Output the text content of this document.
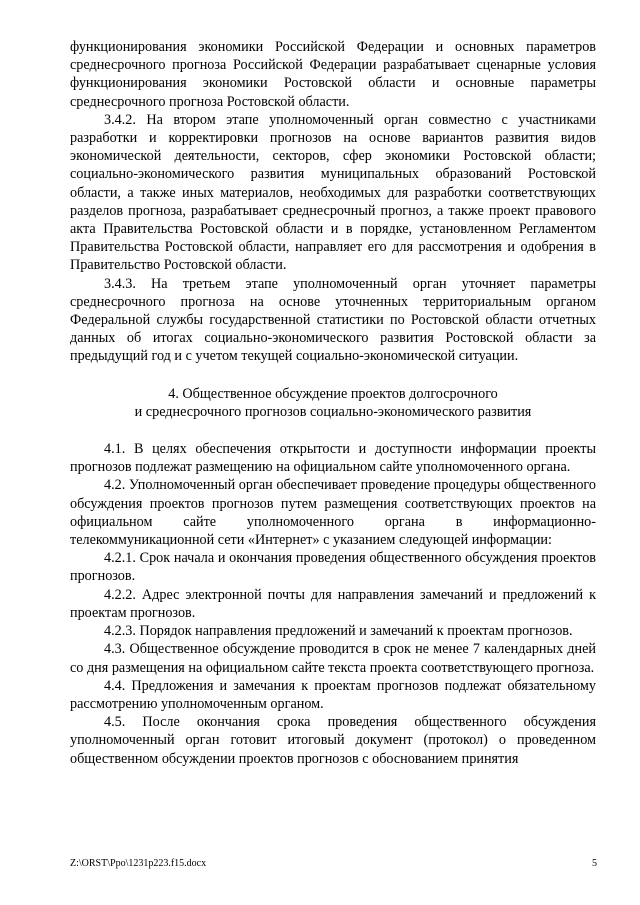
функционирования экономики Российской Федерации и основных параметров среднесрочного прогноза Российской Федерации разрабатывает сценарные условия функционирования экономики Ростовской области и основные параметры среднесрочного прогноза Ростовской области.

3.4.2. На втором этапе уполномоченный орган совместно с участниками разработки и корректировки прогнозов на основе вариантов развития видов экономической деятельности, секторов, сфер экономики Ростовской области; социально-экономического развития муниципальных образований Ростовской области, а также иных материалов, необходимых для разработки соответствующих разделов прогноза, разрабатывает среднесрочный прогноз, а также проект правового акта Правительства Ростовской области и в порядке, установленном Регламентом Правительства Ростовской области, направляет его для рассмотрения и одобрения в Правительство Ростовской области.

3.4.3. На третьем этапе уполномоченный орган уточняет параметры среднесрочного прогноза на основе уточненных территориальным органом Федеральной службы государственной статистики по Ростовской области отчетных данных об итогах социально-экономического развития Ростовской области за предыдущий год и с учетом текущей социально-экономической ситуации.

4. Общественное обсуждение проектов долгосрочного

и среднесрочного прогнозов социально-экономического развития

4.1. В целях обеспечения открытости и доступности информации проекты прогнозов подлежат размещению на официальном сайте уполномоченного органа.

4.2. Уполномоченный орган обеспечивает проведение процедуры общественного обсуждения проектов прогнозов путем размещения соответствующих проектов на официальном сайте уполномоченного органа в информационно-телекоммуникационной сети «Интернет» с указанием следующей информации:

4.2.1. Срок начала и окончания проведения общественного обсуждения проектов прогнозов.

4.2.2. Адрес электронной почты для направления замечаний и предложений к проектам прогнозов.

4.2.3. Порядок направления предложений и замечаний к проектам прогнозов.

4.3. Общественное обсуждение проводится в срок не менее 7 календарных дней со дня размещения на официальном сайте текста проекта соответствующего прогноза.

4.4. Предложения и замечания к проектам прогнозов подлежат обязательному рассмотрению уполномоченным органом.

4.5. После окончания срока проведения общественного обсуждения уполномоченный орган готовит итоговый документ (протокол) о проведенном общественном обсуждении проектов прогнозов с обоснованием принятия

Z:\ORST\Ppo\1231p223.f15.docx	5
